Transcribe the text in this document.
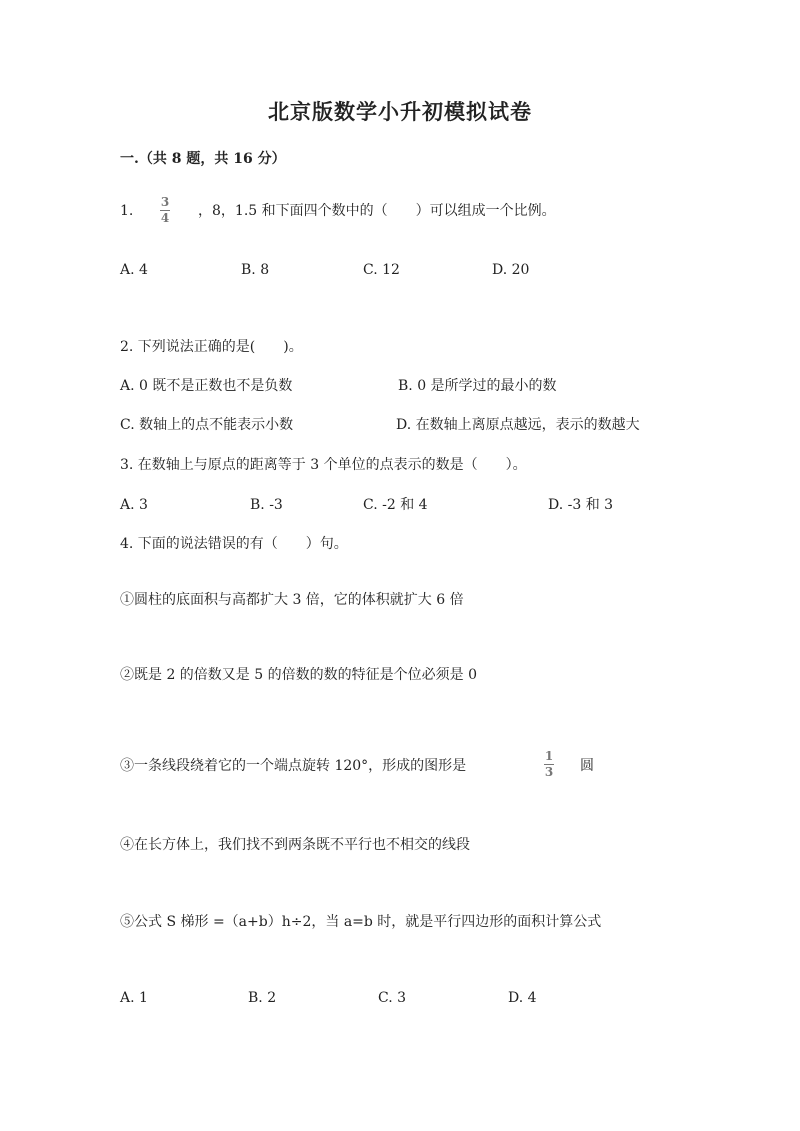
北京版数学小升初模拟试卷
一.（共 8 题，共 16 分）
1.
3
4 ，8，1.5 和下面四个数中的（　　）可以组成一个比例。
A. 4	B. 8	C. 12	D. 20
2. 下列说法正确的是(　　)。
A. 0 既不是正数也不是负数	B. 0 是所学过的最小的数
C. 数轴上的点不能表示小数	D. 在数轴上离原点越远，表示的数越大
3. 在数轴上与原点的距离等于 3 个单位的点表示的数是（　　）。
A. 3	B. -3	C. -2 和 4	D. -3 和 3
4. 下面的说法错误的有（　　）句。
①圆柱的底面积与高都扩大 3 倍，它的体积就扩大 6 倍
②既是 2 的倍数又是 5 的倍数的数的特征是个位必须是 0
③一条线段绕着它的一个端点旋转 120°，形成的图形是
1
3 圆
④在长方体上，我们找不到两条既不平行也不相交的线段
⑤公式 S 梯形 =（a+b）h÷2，当 a=b 时，就是平行四边形的面积计算公式
A. 1	B. 2	C. 3	D. 4
